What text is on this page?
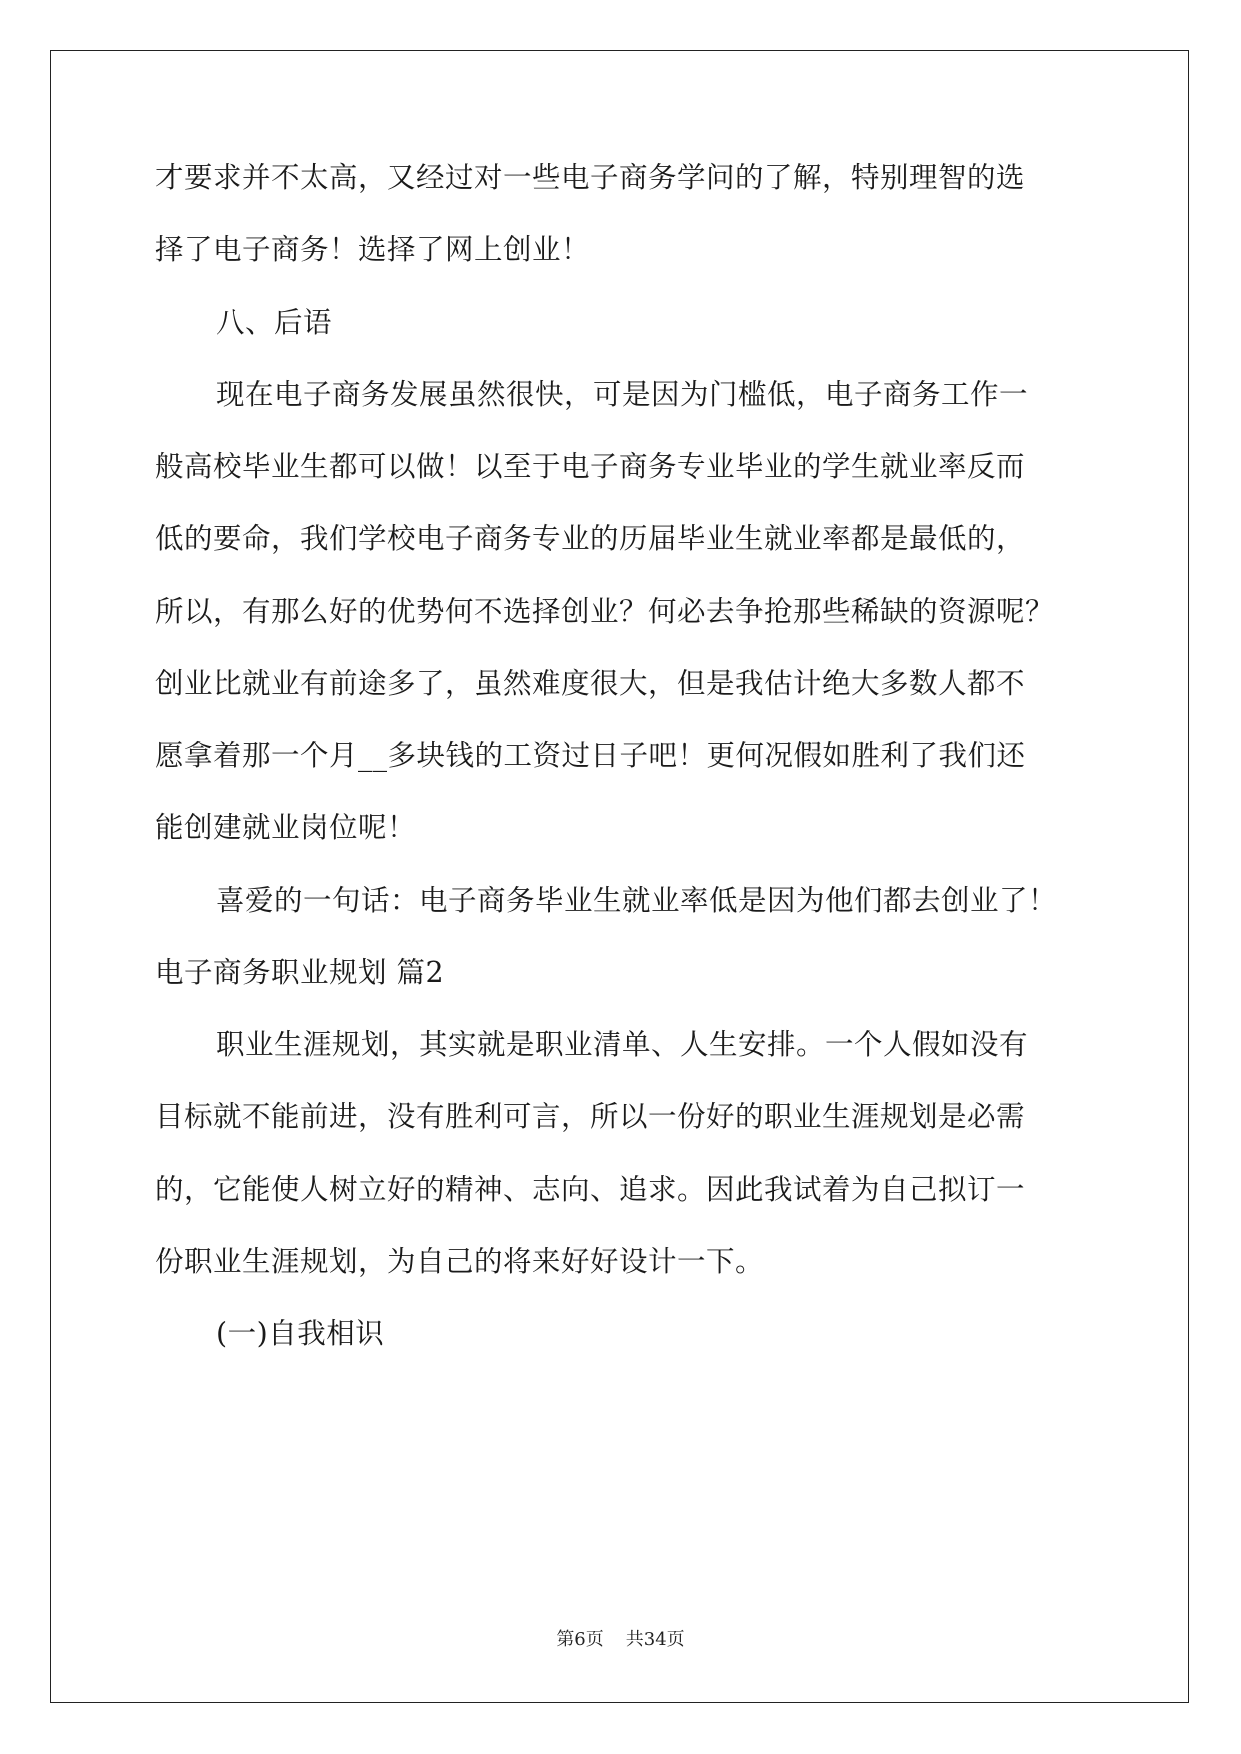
才要求并不太高，又经过对一些电子商务学问的了解，特别理智的选

择了电子商务！选择了网上创业！

八、后语

现在电子商务发展虽然很快，可是因为门槛低，电子商务工作一

般高校毕业生都可以做！以至于电子商务专业毕业的学生就业率反而

低的要命，我们学校电子商务专业的历届毕业生就业率都是最低的，

所以，有那么好的优势何不选择创业？何必去争抢那些稀缺的资源呢？

创业比就业有前途多了，虽然难度很大，但是我估计绝大多数人都不

愿拿着那一个月__多块钱的工资过日子吧！更何况假如胜利了我们还

能创建就业岗位呢！

喜爱的一句话：电子商务毕业生就业率低是因为他们都去创业了！

电子商务职业规划 篇2

职业生涯规划，其实就是职业清单、人生安排。一个人假如没有

目标就不能前进，没有胜利可言，所以一份好的职业生涯规划是必需

的，它能使人树立好的精神、志向、追求。因此我试着为自己拟订一

份职业生涯规划，为自己的将来好好设计一下。

(一)自我相识

第6页 共34页
